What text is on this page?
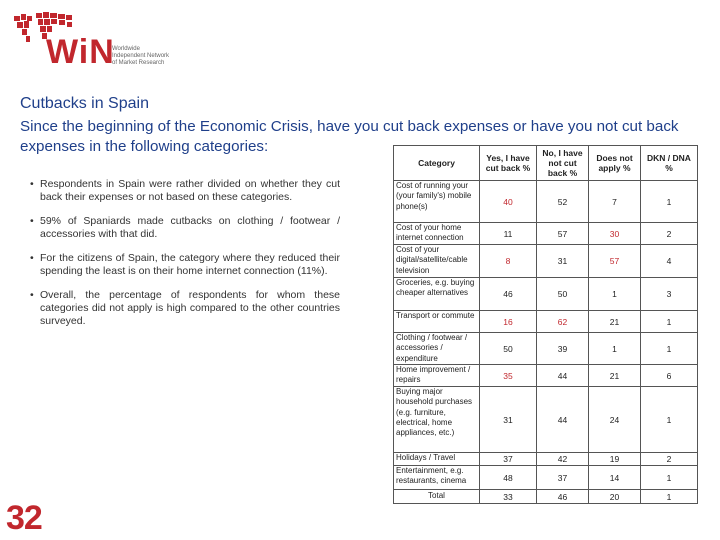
WiN
Worldwide
Independent Network
of Market Research
Cutbacks in Spain
Since the beginning of the Economic Crisis, have you cut back expenses or have you not cut back expenses in the following categories:
• Respondents in Spain were rather divided on whether they cut back their expenses or not based on these categories.
• 59% of Spaniards made cutbacks on clothing / footwear / accessories with that did.
• For the citizens of Spain, the category where they reduced their spending the least is on their home internet connection (11%).
• Overall, the percentage of respondents for whom these categories did not apply is high compared to the other countries surveyed.
32
Category	Yes, I have cut back %	No, I have not cut back %	Does not apply %	DKN / DNA %
Cost of running your (your family's) mobile phone(s)	40	52	7	1
Cost of your home internet connection	11	57	30	2
Cost of your digital/satellite/cable television	8	31	57	4
Groceries, e.g. buying cheaper alternatives	46	50	1	3
Transport or commute	16	62	21	1
Clothing / footwear / accessories / expenditure	50	39	1	1
Home improvement / repairs	35	44	21	6
Buying major household purchases (e.g. furniture, electrical, home appliances, etc.)	31	44	24	1
Holidays / Travel	37	42	19	2
Entertainment, e.g. restaurants, cinema	48	37	14	1
Total	33	46	20	1
